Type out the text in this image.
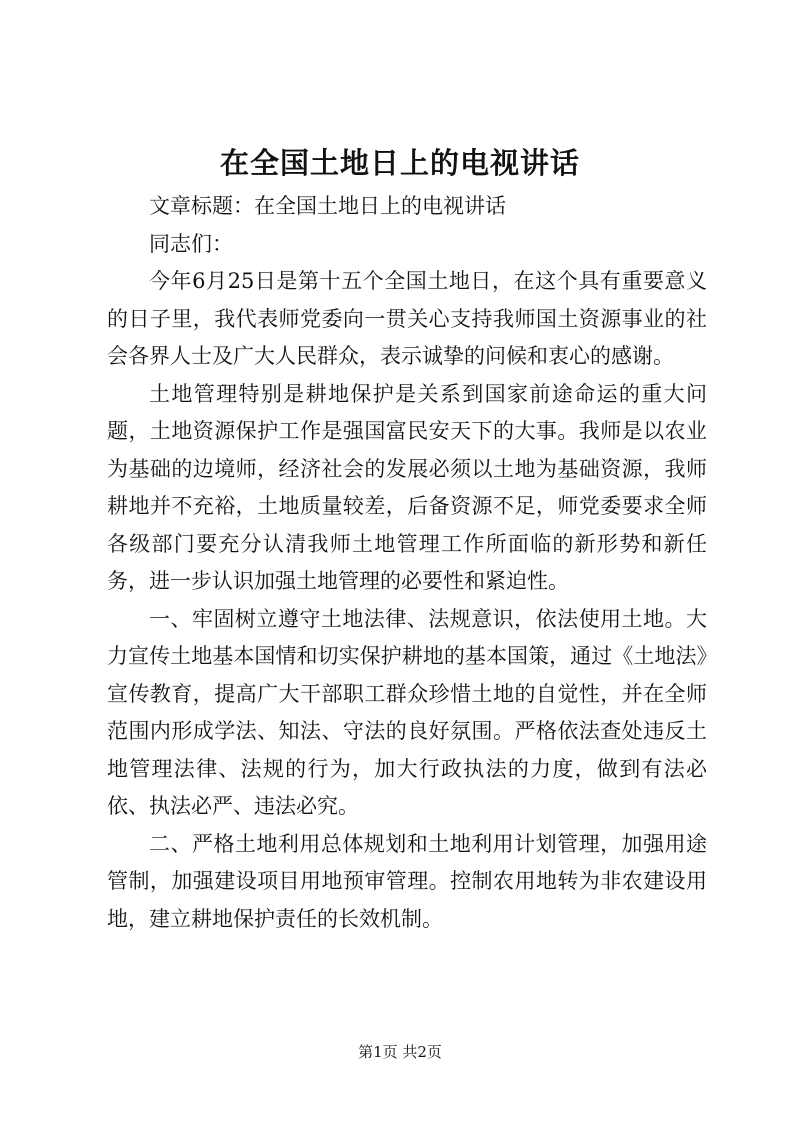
在全国土地日上的电视讲话

文章标题：在全国土地日上的电视讲话

同志们：

今年6月25日是第十五个全国土地日，在这个具有重要意义的日子里，我代表师党委向一贯关心支持我师国土资源事业的社会各界人士及广大人民群众，表示诚挚的问候和衷心的感谢。

土地管理特别是耕地保护是关系到国家前途命运的重大问题，土地资源保护工作是强国富民安天下的大事。我师是以农业为基础的边境师，经济社会的发展必须以土地为基础资源，我师耕地并不充裕，土地质量较差，后备资源不足，师党委要求全师各级部门要充分认清我师土地管理工作所面临的新形势和新任务，进一步认识加强土地管理的必要性和紧迫性。

一、牢固树立遵守土地法律、法规意识，依法使用土地。大力宣传土地基本国情和切实保护耕地的基本国策，通过《土地法》宣传教育，提高广大干部职工群众珍惜土地的自觉性，并在全师范围内形成学法、知法、守法的良好氛围。严格依法查处违反土地管理法律、法规的行为，加大行政执法的力度，做到有法必依、执法必严、违法必究。

二、严格土地利用总体规划和土地利用计划管理，加强用途管制，加强建设项目用地预审管理。控制农用地转为非农建设用地，建立耕地保护责任的长效机制。

第1页 共2页
